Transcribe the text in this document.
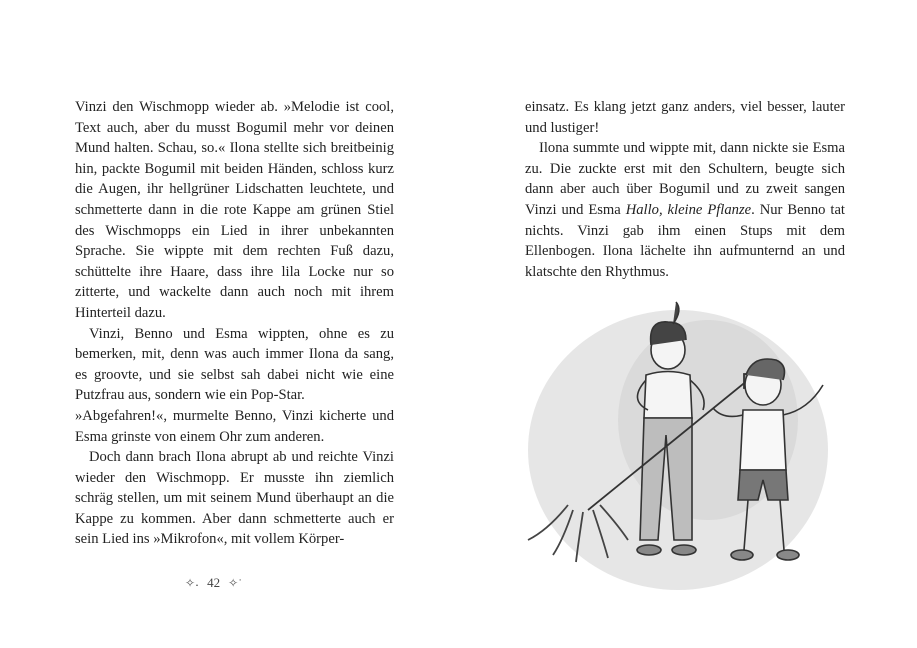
Vinzi den Wischmopp wieder ab. »Melodie ist cool, Text auch, aber du musst Bogumil mehr vor deinen Mund halten. Schau, so.« Ilona stellte sich breitbeinig hin, packte Bogumil mit beiden Händen, schloss kurz die Augen, ihr hellgrüner Lidschatten leuchtete, und schmetterte dann in die rote Kappe am grünen Stiel des Wischmopps ein Lied in ihrer unbekannten Sprache. Sie wippte mit dem rechten Fuß dazu, schüttelte ihre Haare, dass ihre lila Locke nur so zitterte, und wackelte dann auch noch mit ihrem Hinterteil dazu.

Vinzi, Benno und Esma wippten, ohne es zu bemerken, mit, denn was auch immer Ilona da sang, es groovte, und sie selbst sah dabei nicht wie eine Putzfrau aus, sondern wie ein Pop-Star.

»Abgefahren!«, murmelte Benno, Vinzi kicherte und Esma grinste von einem Ohr zum anderen.

Doch dann brach Ilona abrupt ab und reichte Vinzi wieder den Wischmopp. Er musste ihn ziemlich schräg stellen, um mit seinem Mund überhaupt an die Kappe zu kommen. Aber dann schmetterte auch er sein Lied ins »Mikrofon«, mit vollem Körper-

✧˖ 42 ✧˙

einsatz. Es klang jetzt ganz anders, viel besser, lauter und lustiger!

Ilona summte und wippte mit, dann nickte sie Esma zu. Die zuckte erst mit den Schultern, beugte sich dann aber auch über Bogumil und zu zweit sangen Vinzi und Esma Hallo, kleine Pflanze. Nur Benno tat nichts. Vinzi gab ihm einen Stups mit dem Ellenbogen. Ilona lächelte ihn aufmunternd an und klatschte den Rhythmus.
